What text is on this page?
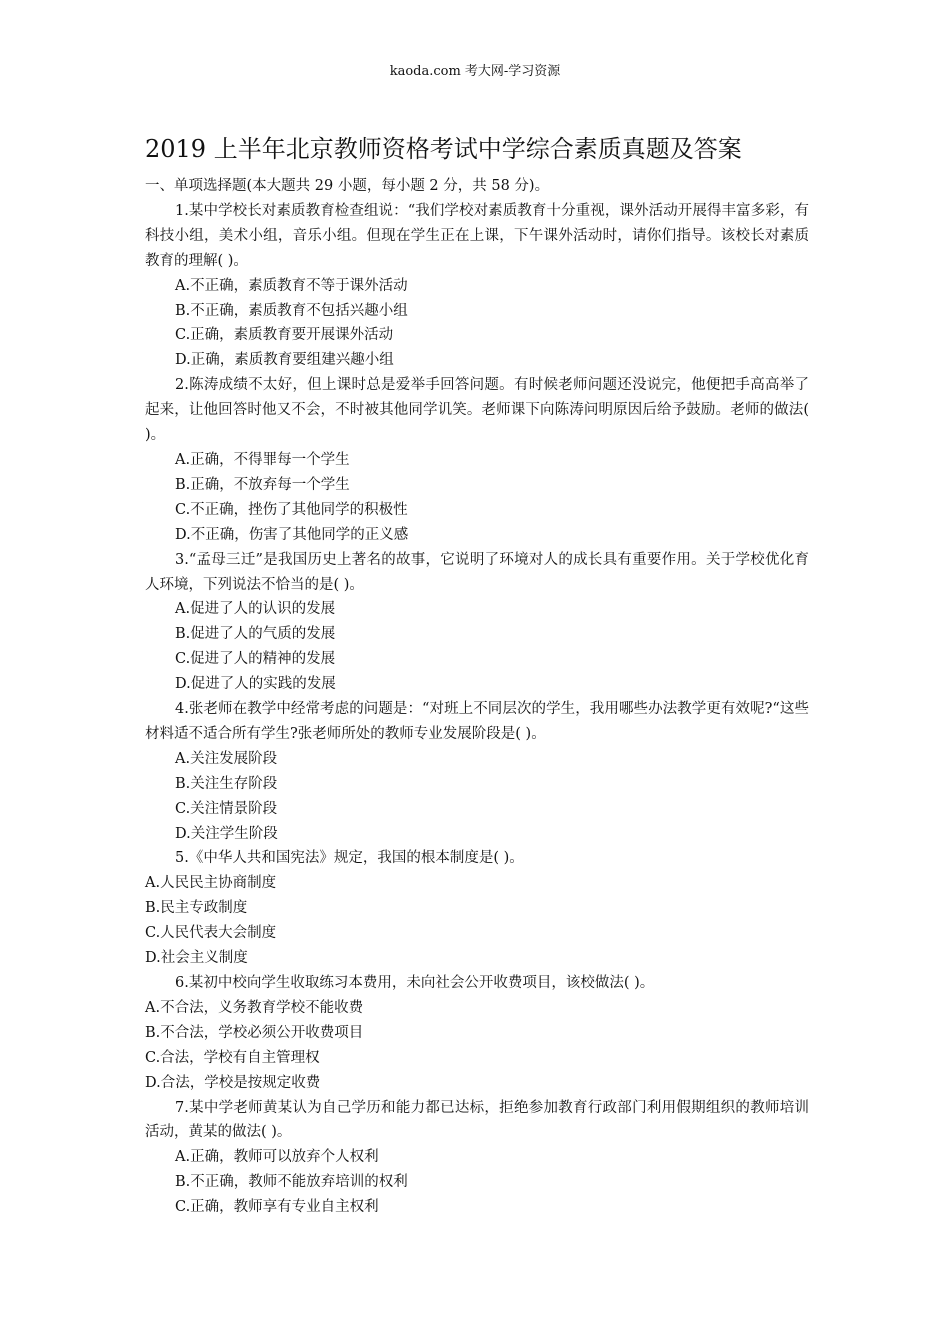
kaoda.com 考大网-学习资源
2019 上半年北京教师资格考试中学综合素质真题及答案

一、单项选择题(本大题共 29 小题，每小题 2 分，共 58 分)。

1.某中学校长对素质教育检查组说：“我们学校对素质教育十分重视，课外活动开展得丰富多彩，有科技小组，美术小组，音乐小组。但现在学生正在上课，下午课外活动时，请你们指导。该校长对素质教育的理解( )。

A.不正确，素质教育不等于课外活动

B.不正确，素质教育不包括兴趣小组

C.正确，素质教育要开展课外活动

D.正确，素质教育要组建兴趣小组

2.陈涛成绩不太好，但上课时总是爱举手回答问题。有时候老师问题还没说完，他便把手高高举了起来，让他回答时他又不会，不时被其他同学讥笑。老师课下向陈涛问明原因后给予鼓励。老师的做法( )。

A.正确，不得罪每一个学生

B.正确，不放弃每一个学生

C.不正确，挫伤了其他同学的积极性

D.不正确，伤害了其他同学的正义感

3.“孟母三迁”是我国历史上著名的故事，它说明了环境对人的成长具有重要作用。关于学校优化育人环境，下列说法不恰当的是( )。

A.促进了人的认识的发展

B.促进了人的气质的发展

C.促进了人的精神的发展

D.促进了人的实践的发展

4.张老师在教学中经常考虑的问题是：“对班上不同层次的学生，我用哪些办法教学更有效呢?“这些材料适不适合所有学生?张老师所处的教师专业发展阶段是( )。

A.关注发展阶段

B.关注生存阶段

C.关注情景阶段

D.关注学生阶段

5.《中华人共和国宪法》规定，我国的根本制度是( )。

A.人民民主协商制度

B.民主专政制度

C.人民代表大会制度

D.社会主义制度

6.某初中校向学生收取练习本费用，未向社会公开收费项目，该校做法( )。

A.不合法，义务教育学校不能收费

B.不合法，学校必须公开收费项目

C.合法，学校有自主管理权

D.合法，学校是按规定收费

7.某中学老师黄某认为自己学历和能力都已达标，拒绝参加教育行政部门利用假期组织的教师培训活动，黄某的做法( )。

A.正确，教师可以放弃个人权利

B.不正确，教师不能放弃培训的权利

C.正确，教师享有专业自主权利
